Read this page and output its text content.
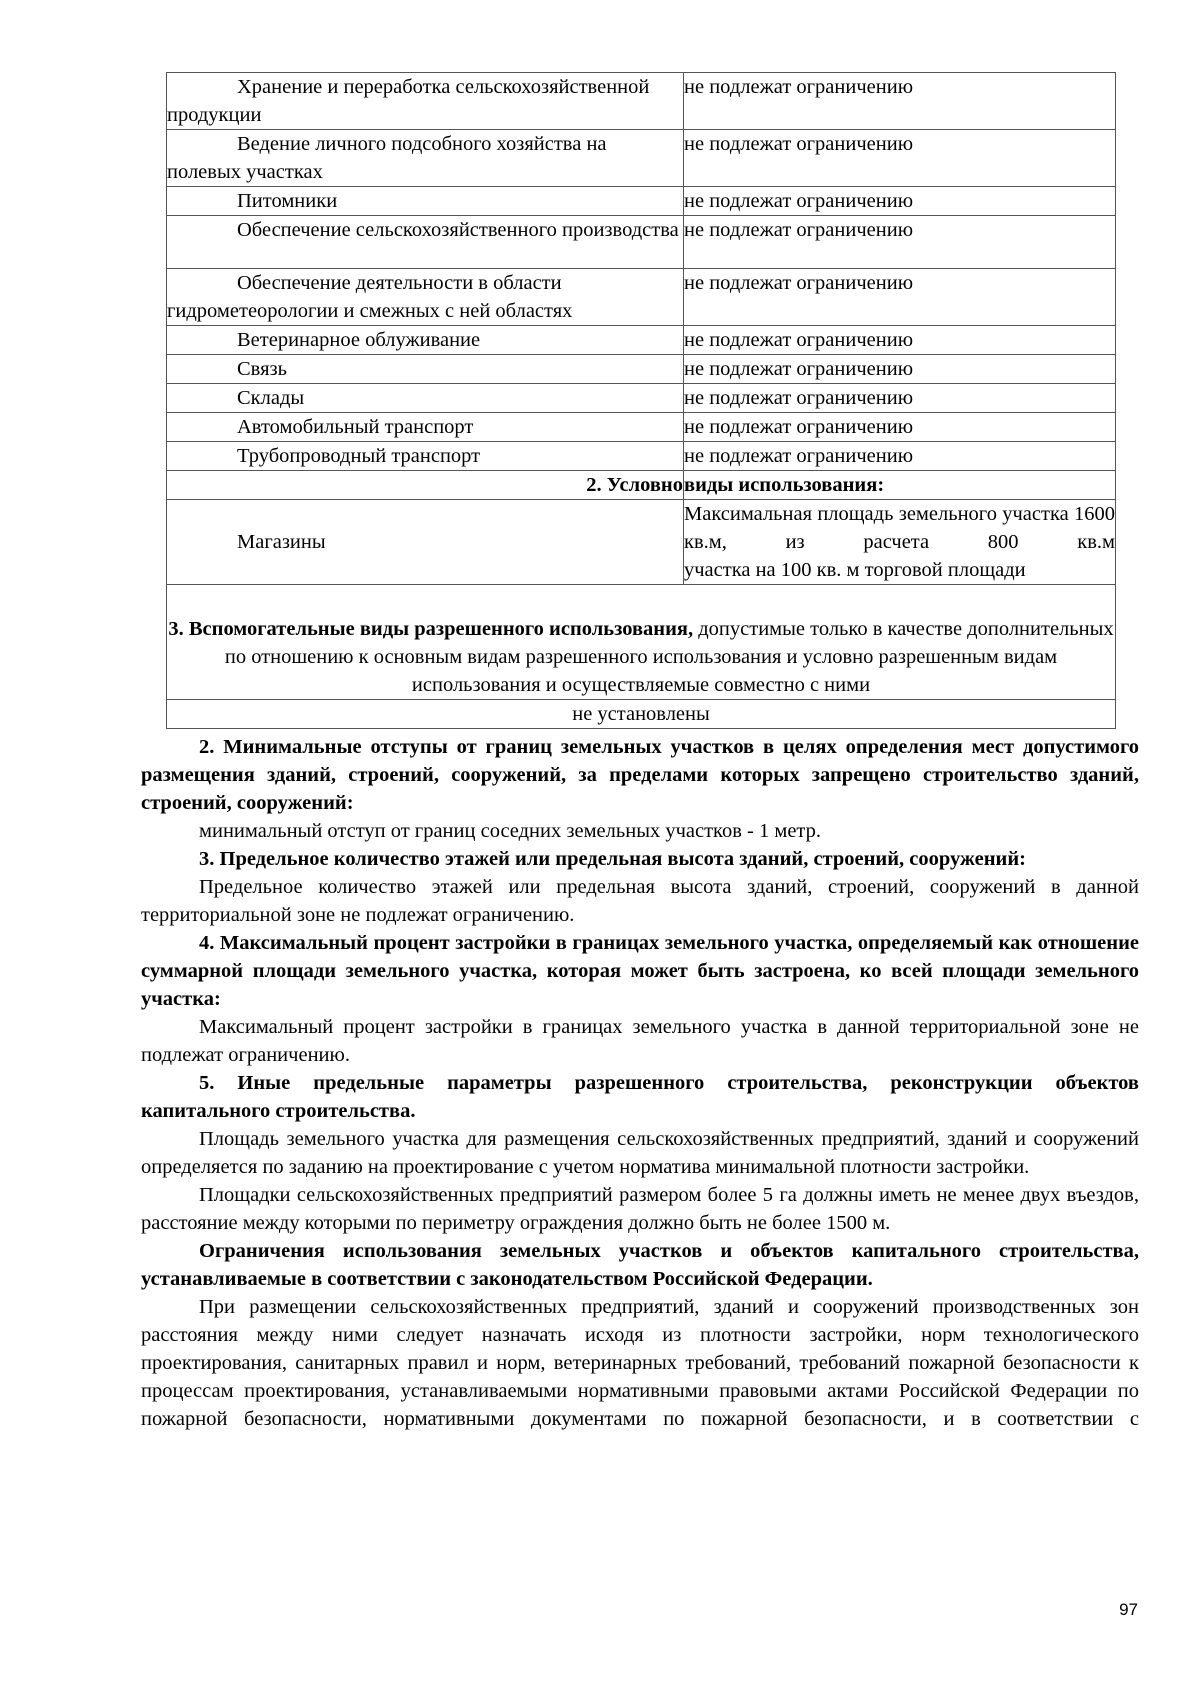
Хранение и переработка сельскохозяйственной продукции	не подлежат ограничению
Ведение личного подсобного хозяйства на полевых участках	не подлежат ограничению
Питомники	не подлежат ограничению
Обеспечение сельскохозяйственного производства	не подлежат ограничению
Обеспечение деятельности в области гидрометеорологии и смежных с ней областях	не подлежат ограничению
Ветеринарное облуживание	не подлежат ограничению
Связь	не подлежат ограничению
Склады	не подлежат ограничению
Автомобильный транспорт	не подлежат ограничению
Трубопроводный транспорт	не подлежат ограничению
2. Условно	виды использования:
Магазины	Максимальная площадь земельного участка 1600 кв.м, из расчета 800 кв.м
участка на 100 кв. м торговой площади

3. Вспомогательные виды разрешенного использования, допустимые только в качестве дополнительных по отношению к основным видам разрешенного использования и условно разрешенным видам использования и осуществляемые совместно с ними	
не установлены	

2. Минимальные отступы от границ земельных участков в целях определения мест допустимого размещения зданий, строений, сооружений, за пределами которых запрещено строительство зданий, строений, сооружений:

минимальный отступ от границ соседних земельных участков - 1 метр.

3. Предельное количество этажей или предельная высота зданий, строений, сооружений:

Предельное количество этажей или предельная высота зданий, строений, сооружений в данной территориальной зоне не подлежат ограничению.

4. Максимальный процент застройки в границах земельного участка, определяемый как отношение суммарной площади земельного участка, которая может быть застроена, ко всей площади земельного участка:

Максимальный процент застройки в границах земельного участка в данной территориальной зоне не подлежат ограничению.

5. Иные предельные параметры разрешенного строительства, реконструкции объектов капитального строительства.

Площадь земельного участка для размещения сельскохозяйственных предприятий, зданий и сооружений определяется по заданию на проектирование с учетом норматива минимальной плотности застройки.

Площадки сельскохозяйственных предприятий размером более 5 га должны иметь не менее двух въездов, расстояние между которыми по периметру ограждения должно быть не более 1500 м.

Ограничения использования земельных участков и объектов капитального строительства, устанавливаемые в соответствии с законодательством Российской Федерации.

При размещении сельскохозяйственных предприятий, зданий и сооружений производственных зон расстояния между ними следует назначать исходя из плотности застройки, норм технологического проектирования, санитарных правил и норм, ветеринарных требований, требований пожарной безопасности к процессам проектирования, устанавливаемыми нормативными правовыми актами Российской Федерации по пожарной безопасности, нормативными документами по пожарной безопасности, и в соответствии с

97
